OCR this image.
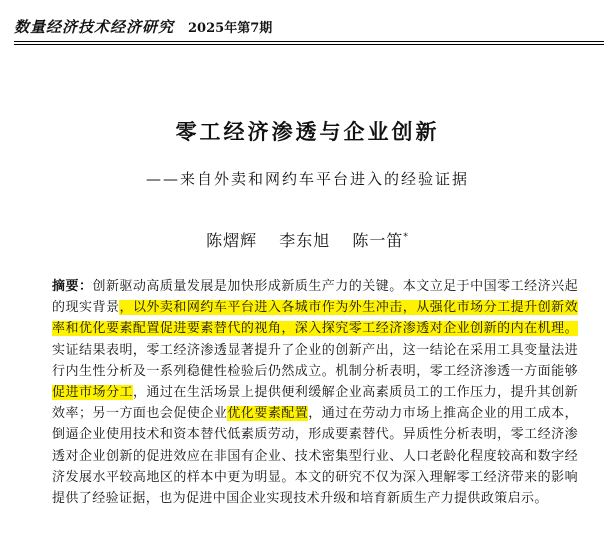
数量经济技术经济研究 2025年第7期
零工经济渗透与企业创新
——来自外卖和网约车平台进入的经验证据
陈熠辉 李东旭 陈一笛*
摘要：创新驱动高质量发展是加快形成新质生产力的关键。本文立足于中国零工经济兴起的现实背景，以外卖和网约车平台进入各城市作为外生冲击，从强化市场分工提升创新效率和优化要素配置促进要素替代的视角，深入探究零工经济渗透对企业创新的内在机理。实证结果表明，零工经济渗透显著提升了企业的创新产出，这一结论在采用工具变量法进行内生性分析及一系列稳健性检验后仍然成立。机制分析表明，零工经济渗透一方面能够促进市场分工，通过在生活场景上提供便利缓解企业高素质员工的工作压力，提升其创新效率；另一方面也会促使企业优化要素配置，通过在劳动力市场上推高企业的用工成本，倒逼企业使用技术和资本替代低素质劳动，形成要素替代。异质性分析表明，零工经济渗透对企业创新的促进效应在非国有企业、技术密集型行业、人口老龄化程度较高和数字经济发展水平较高地区的样本中更为明显。本文的研究不仅为深入理解零工经济带来的影响提供了经验证据，也为促进中国企业实现技术升级和培育新质生产力提供政策启示。
